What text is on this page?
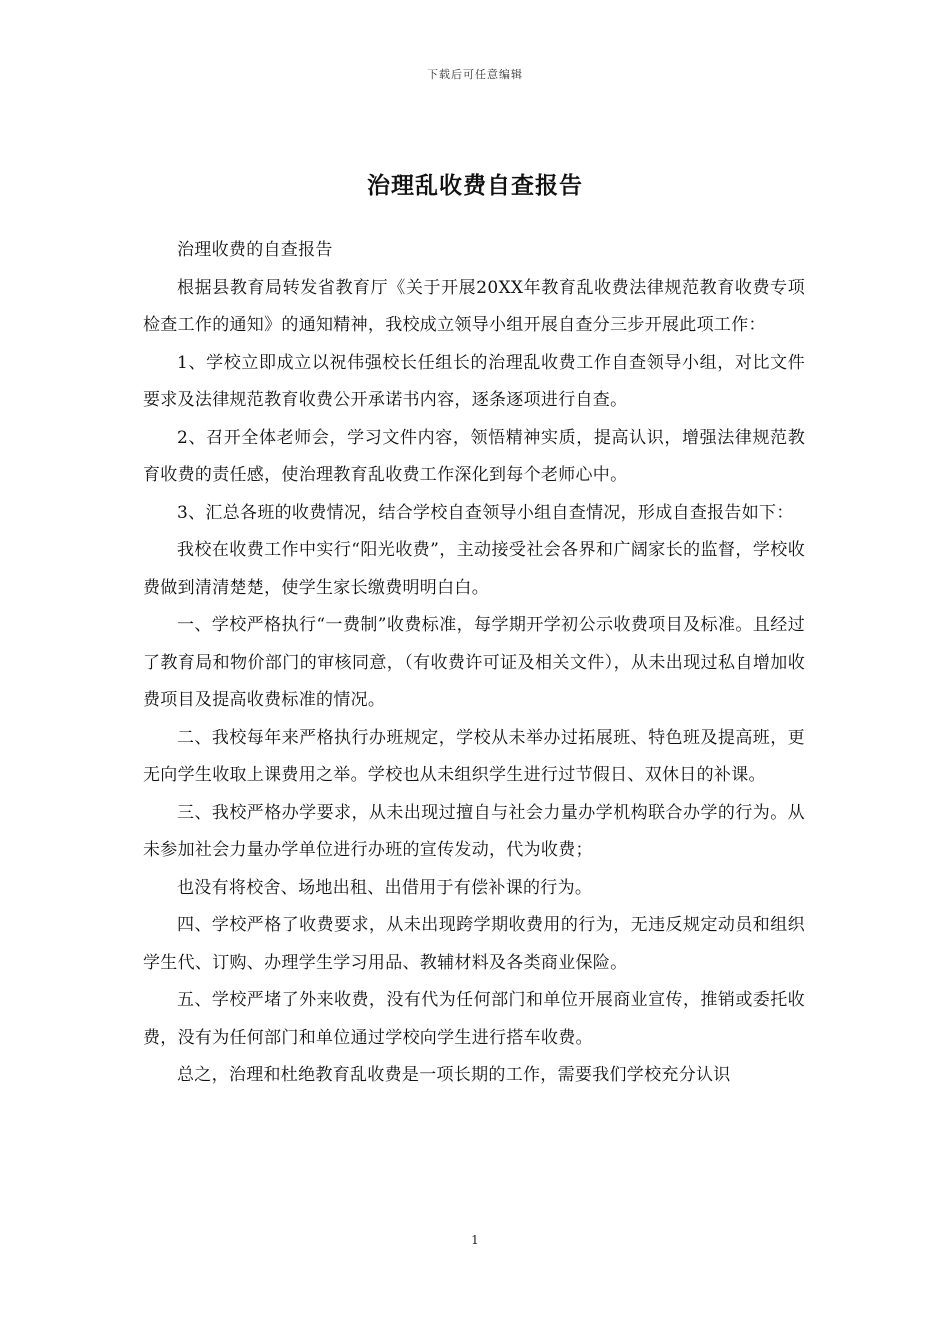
下载后可任意编辑
治理乱收费自查报告

治理收费的自查报告

根据县教育局转发省教育厅《关于开展20XX年教育乱收费法律规范教育收费专项检查工作的通知》的通知精神，我校成立领导小组开展自查分三步开展此项工作：

1、学校立即成立以祝伟强校长任组长的治理乱收费工作自查领导小组，对比文件要求及法律规范教育收费公开承诺书内容，逐条逐项进行自查。

2、召开全体老师会，学习文件内容，领悟精神实质，提高认识，增强法律规范教育收费的责任感，使治理教育乱收费工作深化到每个老师心中。

3、汇总各班的收费情况，结合学校自查领导小组自查情况，形成自查报告如下：

我校在收费工作中实行“阳光收费”，主动接受社会各界和广阔家长的监督，学校收费做到清清楚楚，使学生家长缴费明明白白。

一、学校严格执行“一费制”收费标准，每学期开学初公示收费项目及标准。且经过了教育局和物价部门的审核同意，（有收费许可证及相关文件），从未出现过私自增加收费项目及提高收费标准的情况。

二、我校每年来严格执行办班规定，学校从未举办过拓展班、特色班及提高班，更无向学生收取上课费用之举。学校也从未组织学生进行过节假日、双休日的补课。

三、我校严格办学要求，从未出现过擅自与社会力量办学机构联合办学的行为。从未参加社会力量办学单位进行办班的宣传发动，代为收费；

也没有将校舍、场地出租、出借用于有偿补课的行为。

四、学校严格了收费要求，从未出现跨学期收费用的行为，无违反规定动员和组织学生代、订购、办理学生学习用品、教辅材料及各类商业保险。

五、学校严堵了外来收费，没有代为任何部门和单位开展商业宣传，推销或委托收费，没有为任何部门和单位通过学校向学生进行搭车收费。

总之，治理和杜绝教育乱收费是一项长期的工作，需要我们学校充分认识

1
